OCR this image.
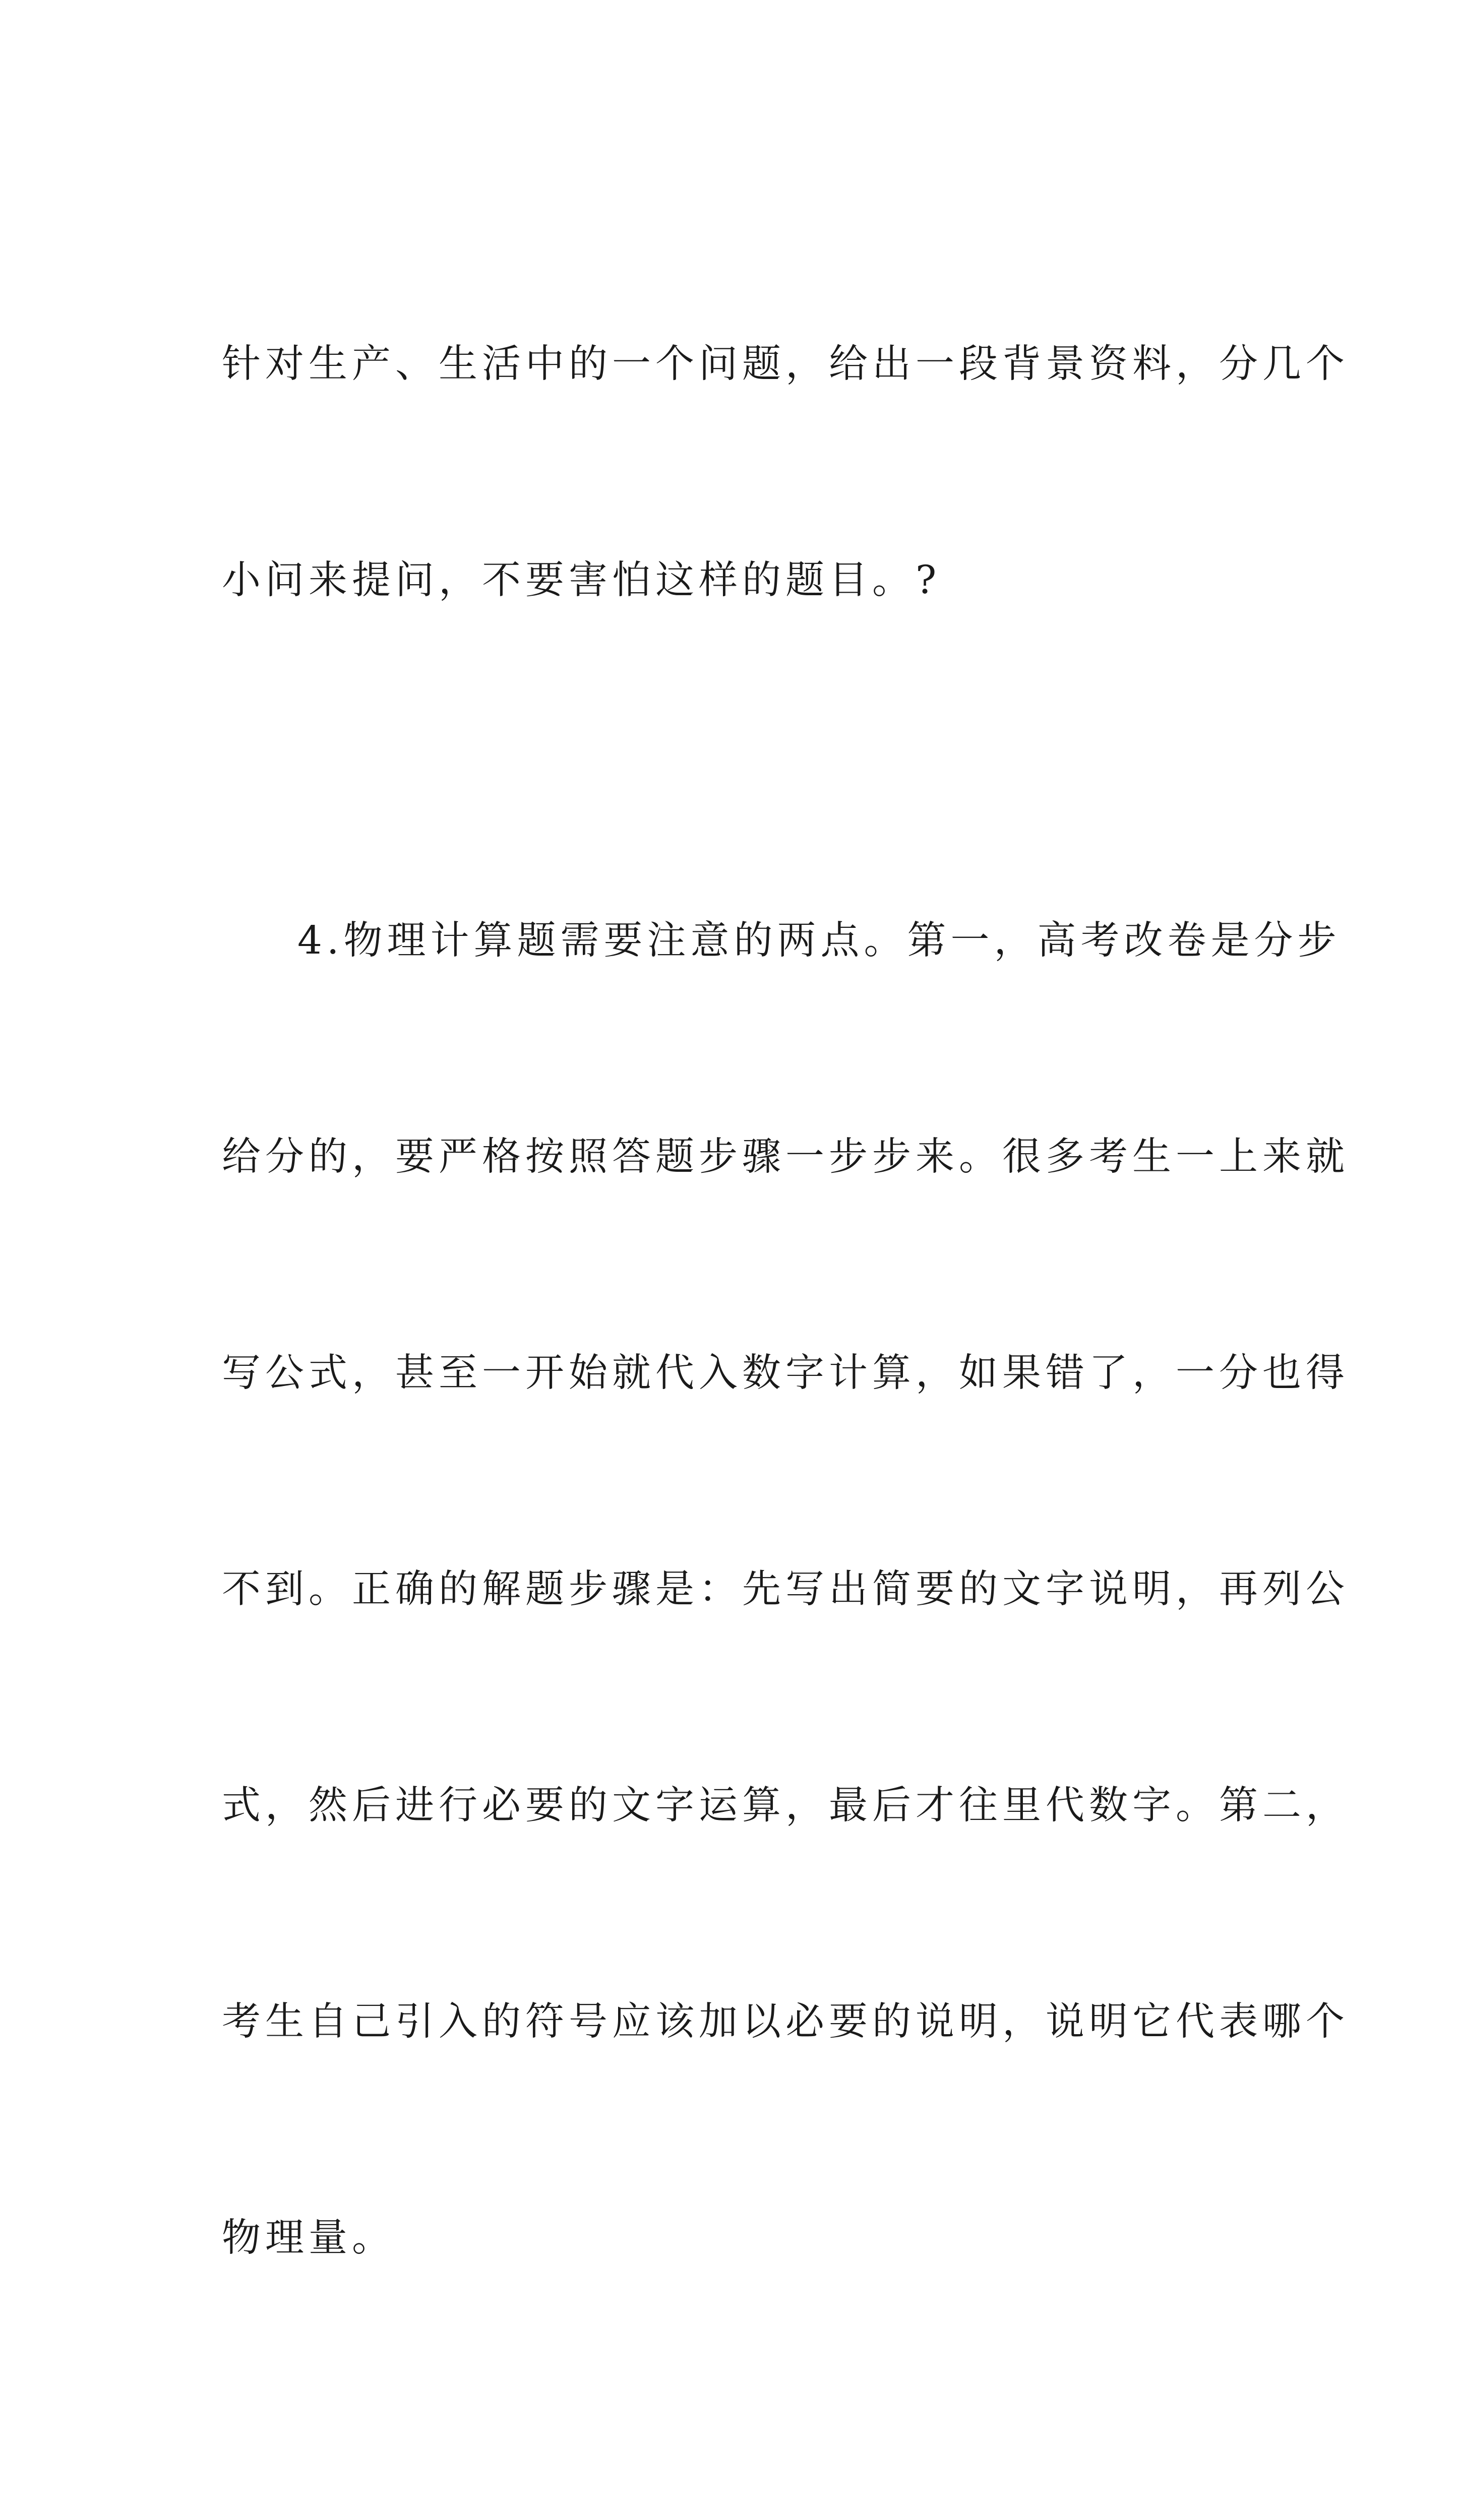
针对生产、生活中的一个问题，给出一段背景资料，分几个

小问来提问，不要害怕这样的题目。?

4.物理计算题需要注意的两点。第一，高考改卷是分步

给分的，要严格按照答题步骤一步步来。很多考生一上来就

写公式，甚至一开始就代入数字计算，如果错了，一分也得

不到。正确的解题步骤是：先写出简要的文字说明，再列公

式，然后进行必要的文字运算，最后才往里代数字。第二，

考生自己引入的符号应该加以必要的说明，说明它代表哪个

物理量。
